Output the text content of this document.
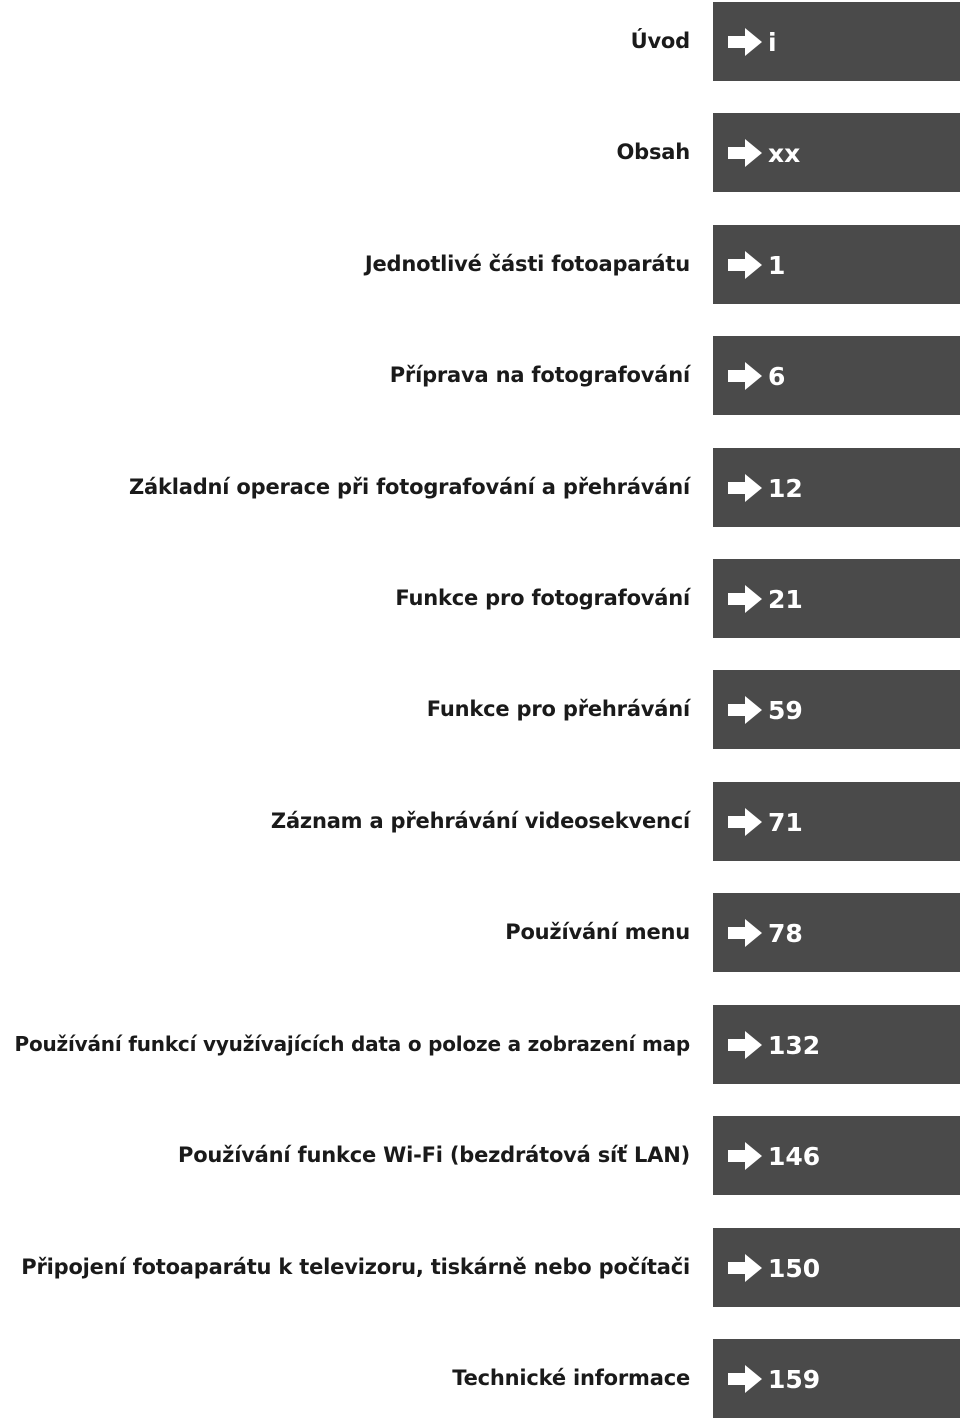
Úvod	i
Obsah	xx
Jednotlivé části fotoaparátu	1
Příprava na fotografování	6
Základní operace při fotografování a přehrávání	12
Funkce pro fotografování	21
Funkce pro přehrávání	59
Záznam a přehrávání videosekvencí	71
Používání menu	78
Používání funkcí využívajících data o poloze a zobrazení map	132
Používání funkce Wi-Fi (bezdrátová síť LAN)	146
Připojení fotoaparátu k televizoru, tiskárně nebo počítači	150
Technické informace	159
